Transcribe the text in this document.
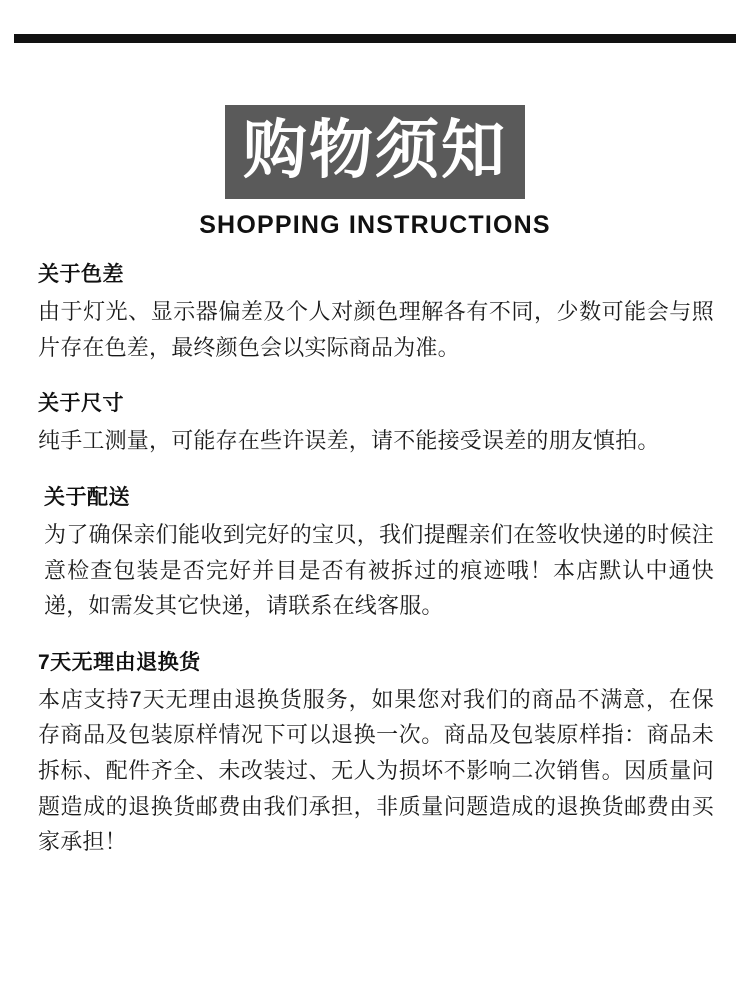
购物须知
SHOPPING INSTRUCTIONS
关于色差
由于灯光、显示器偏差及个人对颜色理解各有不同，少数可能会与照片存在色差，最终颜色会以实际商品为准。
关于尺寸
纯手工测量，可能存在些许误差，请不能接受误差的朋友慎拍。
关于配送
为了确保亲们能收到完好的宝贝，我们提醒亲们在签收快递的时候注意检查包装是否完好并目是否有被拆过的痕迹哦！本店默认中通快递，如需发其它快递，请联系在线客服。
7天无理由退换货
本店支持7天无理由退换货服务，如果您对我们的商品不满意，在保存商品及包装原样情况下可以退换一次。商品及包装原样指：商品未拆标、配件齐全、未改装过、无人为损坏不影响二次销售。因质量问题造成的退换货邮费由我们承担，非质量问题造成的退换货邮费由买家承担！
